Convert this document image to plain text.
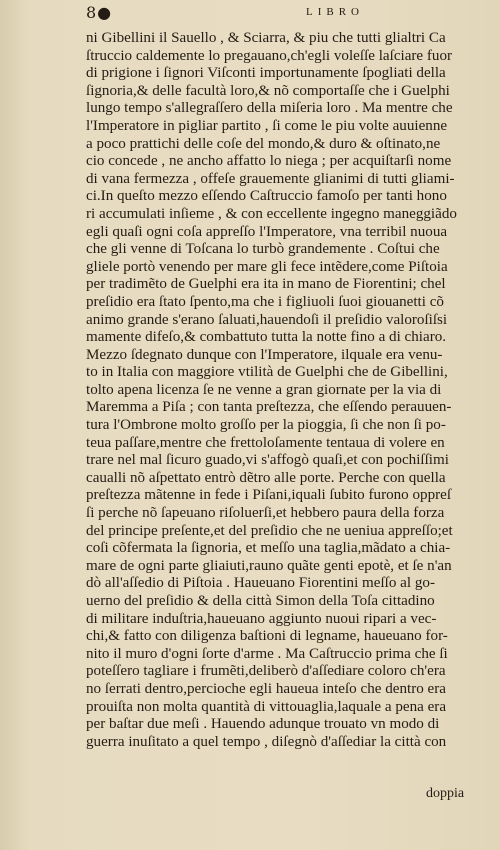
8●	LIBRO
ni Gibellini il Sauello , & Sciarra, & piu che tutti glialtri Ca
ſtruccio caldemente lo pregauano,ch'egli voleſſe laſciare fuor
di prigione i ſignori Viſconti importunamente ſpogliati della
ſignoria,& delle facultà loro,& nõ comportaſſe che i Guelphi
lungo tempo s'allegraſſero della miſeria loro . Ma mentre che
l'Imperatore in pigliar partito , ſi come le piu volte auuienne
a poco prattichi delle coſe del mondo,& duro & oſtinato,ne
cio concede , ne ancho affatto lo niega ; per acquiſtarſi nome
di vana fermezza , offeſe grauemente glianimi di tutti gliami-
ci.In queſto mezzo eſſendo Caſtruccio famoſo per tanti hono
ri accumulati inſieme , & con eccellente ingegno maneggiãdo
egli quaſi ogni coſa appreſſo l'Imperatore, vna terribil nuoua
che gli venne di Toſcana lo turbò grandemente . Coſtui che
gliele portò venendo per mare gli fece intẽdere,come Piſtoia
per tradimẽto de Guelphi era ita in mano de Fiorentini; chel
preſidio era ſtato ſpento,ma che i figliuoli ſuoi giouanetti cõ
animo grande s'erano ſaluati,hauendoſi il preſidio valoroſiſsi
mamente difeſo,& combattuto tutta la notte fino a di chiaro.
Mezzo ſdegnato dunque con l'Imperatore, ilquale era venu-
to in Italia con maggiore vtilità de Guelphi che de Gibellini,
tolto apena licenza ſe ne venne a gran giornate per la via di
Maremma a Piſa ; con tanta preſtezza, che eſſendo perauuen-
tura l'Ombrone molto groſſo per la pioggia, ſi che non ſi po-
teua paſſare,mentre che frettoloſamente tentaua di volere en
trare nel mal ſicuro guado,vi s'affogò quaſi,et con pochiſſimi
caualli nõ aſpettato entrò dẽtro alle porte. Perche con quella
preſtezza mãtenne in fede i Piſani,iquali ſubito furono oppreſ
ſi perche nõ ſapeuano riſoluerſi,et hebbero paura della forza
del principe preſente,et del preſidio che ne ueniua appreſſo;et
coſi cõfermata la ſignoria, et meſſo una taglia,mãdato a chia-
mare de ogni parte gliaiuti,rauno quãte genti epotè, et ſe n'an
dò all'aſſedio di Piſtoia . Haueuano Fiorentini meſſo al go-
uerno del preſidio & della città Simon della Toſa cittadino
di militare induſtria,haueuano aggiunto nuoui ripari a vec-
chi,& fatto con diligenza baſtioni di legname, haueuano for-
nito il muro d'ogni ſorte d'arme . Ma Caſtruccio prima che ſi
poteſſero tagliare i frumẽti,deliberò d'aſſediare coloro ch'era
no ſerrati dentro,percioche egli haueua inteſo che dentro era
prouiſta non molta quantità di vittouaglia,laquale a pena era
per baſtar due meſi . Hauendo adunque trouato vn modo di
guerra inuſitato a quel tempo , diſegnò d'aſſediar la città con
doppia
